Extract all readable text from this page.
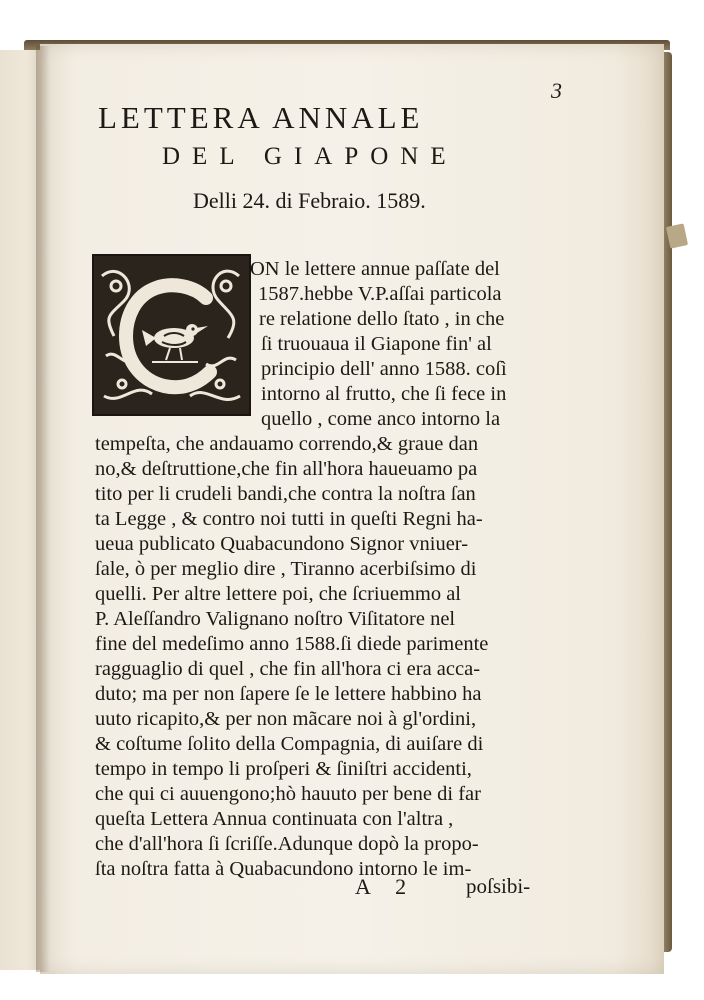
3
LETTERA ANNALE
DEL GIAPONE
Delli 24. di Febraio. 1589.
ON le lettere annue paſſate del
1587.hebbe V.P.aſſai particola
re relatione dello ſtato , in che
ſi truouaua il Giapone fin' al
principio dell' anno 1588. coſì
intorno al frutto, che ſi fece in
quello , come anco intorno la
tempeſta, che andauamo correndo,& graue dan
no,& deſtruttione,che fin all'hora haueuamo pa
tito per li crudeli bandi,che contra la noſtra ſan
ta Legge , & contro noi tutti in queſti Regni ha-
ueua publicato Quabacundono Signor vniuer-
ſale, ò per meglio dire , Tiranno acerbiſsimo di
quelli. Per altre lettere poi, che ſcriuemmo al
P. Aleſſandro Valignano noſtro Viſitatore nel
fine del medeſimo anno 1588.ſi diede parimente
ragguaglio di quel , che fin all'hora ci era acca-
duto; ma per non ſapere ſe le lettere habbino ha
uuto ricapito,& per non mãcare noi à gl'ordini,
& coſtume ſolito della Compagnia, di auiſare di
tempo in tempo li proſperi & ſiniſtri accidenti,
che qui ci auuengono;hò hauuto per bene di far
queſta Lettera Annua continuata con l'altra ,
che d'all'hora ſi ſcriſſe.Adunque dopò la propo-
ſta noſtra fatta à Quabacundono intorno le im-
A 2 poſsibi-
